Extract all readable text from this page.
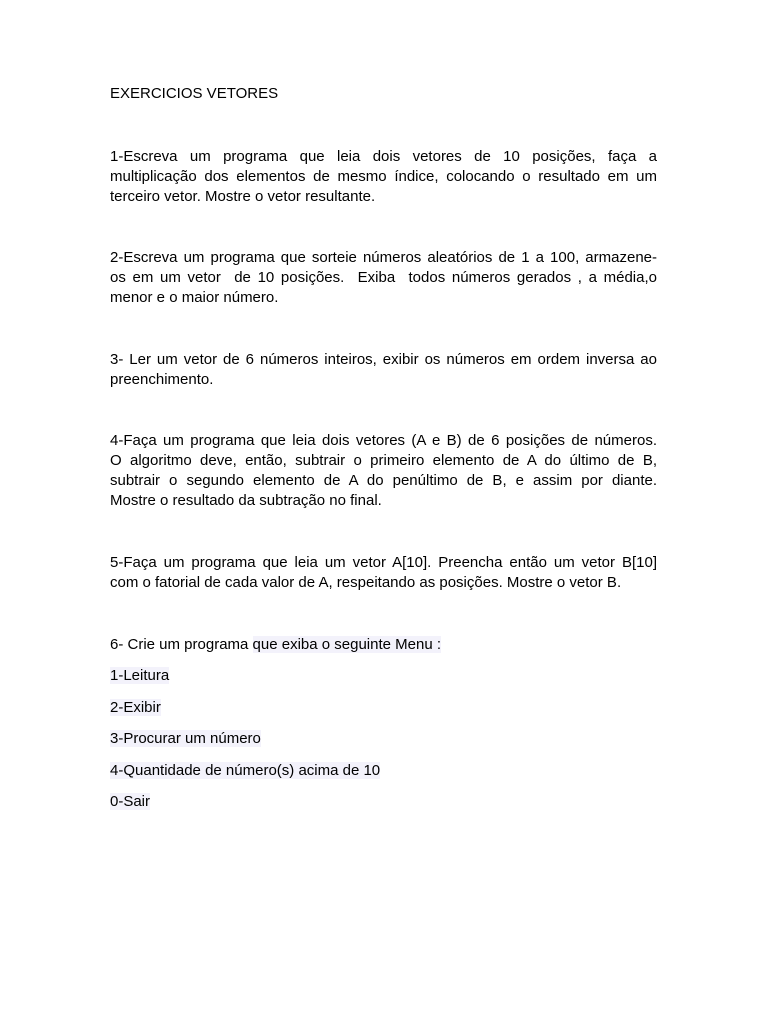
EXERCICIOS VETORES
1-Escreva um programa que leia dois vetores de 10 posições, faça a
multiplicação dos elementos de mesmo índice, colocando o resultado em um
terceiro vetor. Mostre o vetor resultante.
2-Escreva um programa que sorteie números aleatórios de 1 a 100, armazene-
os em um vetor  de 10 posições.  Exiba  todos números gerados , a média,o
menor e o maior número.
3- Ler um vetor de 6 números inteiros, exibir os números em ordem inversa ao
preenchimento.
4-Faça um programa que leia dois vetores (A e B) de 6 posições de números.
O algoritmo deve, então, subtrair o primeiro elemento de A do último de B,
subtrair o segundo elemento de A do penúltimo de B, e assim por diante.
Mostre o resultado da subtração no final.
5-Faça um programa que leia um vetor A[10]. Preencha então um vetor B[10]
com o fatorial de cada valor de A, respeitando as posições. Mostre o vetor B.
6- Crie um programa que exiba o seguinte Menu :
1-Leitura
2-Exibir
3-Procurar um número
4-Quantidade de número(s) acima de 10
0-Sair
